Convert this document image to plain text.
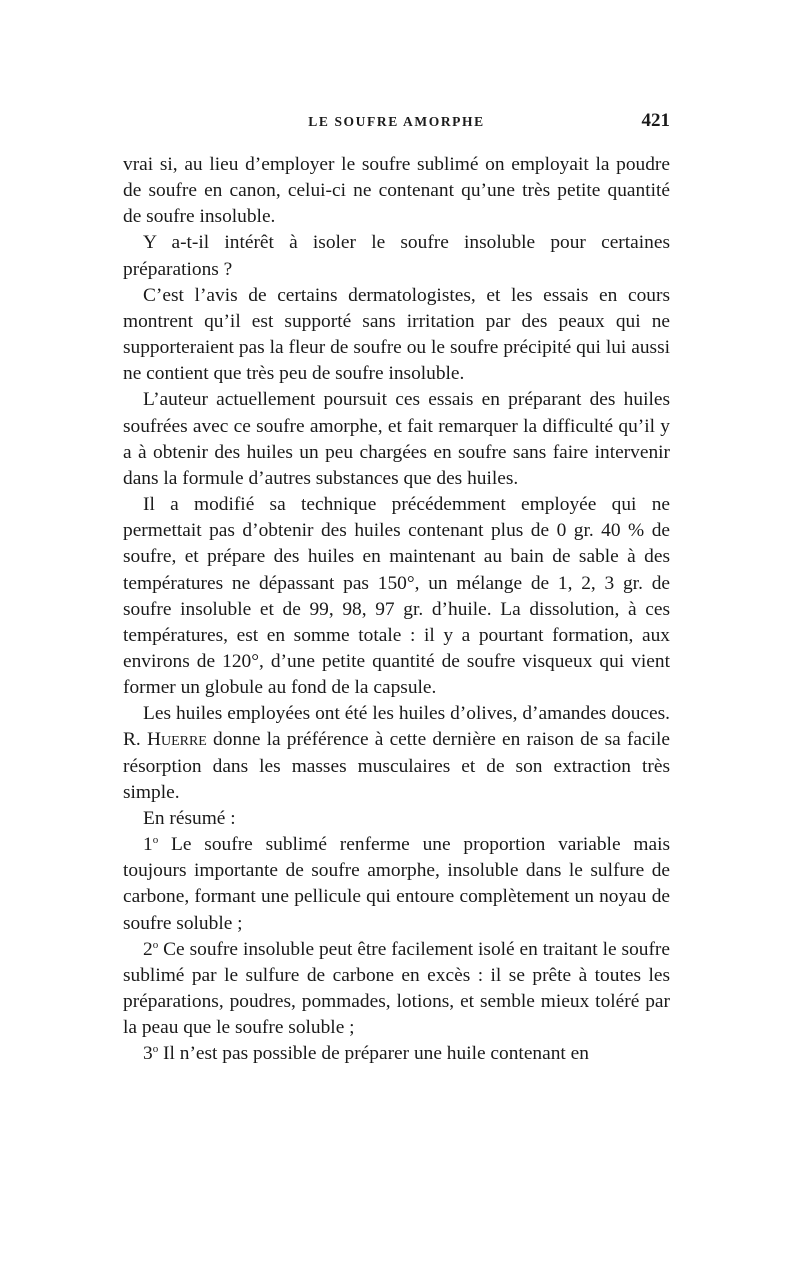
LE SOUFRE AMORPHE	421

vrai si, au lieu d’employer le soufre sublimé on employait la poudre de soufre en canon, celui-ci ne contenant qu’une très petite quantité de soufre insoluble.

Y a-t-il intérêt à isoler le soufre insoluble pour certaines préparations ?

C’est l’avis de certains dermatologistes, et les essais en cours montrent qu’il est supporté sans irritation par des peaux qui ne supporteraient pas la fleur de soufre ou le soufre précipité qui lui aussi ne contient que très peu de soufre insoluble.

L’auteur actuellement poursuit ces essais en préparant des huiles soufrées avec ce soufre amorphe, et fait remarquer la difficulté qu’il y a à obtenir des huiles un peu chargées en soufre sans faire intervenir dans la formule d’autres substances que des huiles.

Il a modifié sa technique précédemment employée qui ne permettait pas d’obtenir des huiles contenant plus de 0 gr. 40 % de soufre, et prépare des huiles en maintenant au bain de sable à des températures ne dépassant pas 150°, un mélange de 1, 2, 3 gr. de soufre insoluble et de 99, 98, 97 gr. d’huile. La dissolution, à ces températures, est en somme totale : il y a pourtant formation, aux environs de 120°, d’une petite quantité de soufre visqueux qui vient former un globule au fond de la capsule.

Les huiles employées ont été les huiles d’olives, d’amandes douces. R. Huerre donne la préférence à cette dernière en raison de sa facile résorption dans les masses musculaires et de son extraction très simple.

En résumé :

1$^o$ Le soufre sublimé renferme une proportion variable mais toujours importante de soufre amorphe, insoluble dans le sulfure de carbone, formant une pellicule qui entoure complètement un noyau de soufre soluble ;

2$^o$ Ce soufre insoluble peut être facilement isolé en traitant le soufre sublimé par le sulfure de carbone en excès : il se prête à toutes les préparations, poudres, pommades, lotions, et semble mieux toléré par la peau que le soufre soluble ;

3$^o$ Il n’est pas possible de préparer une huile contenant en
